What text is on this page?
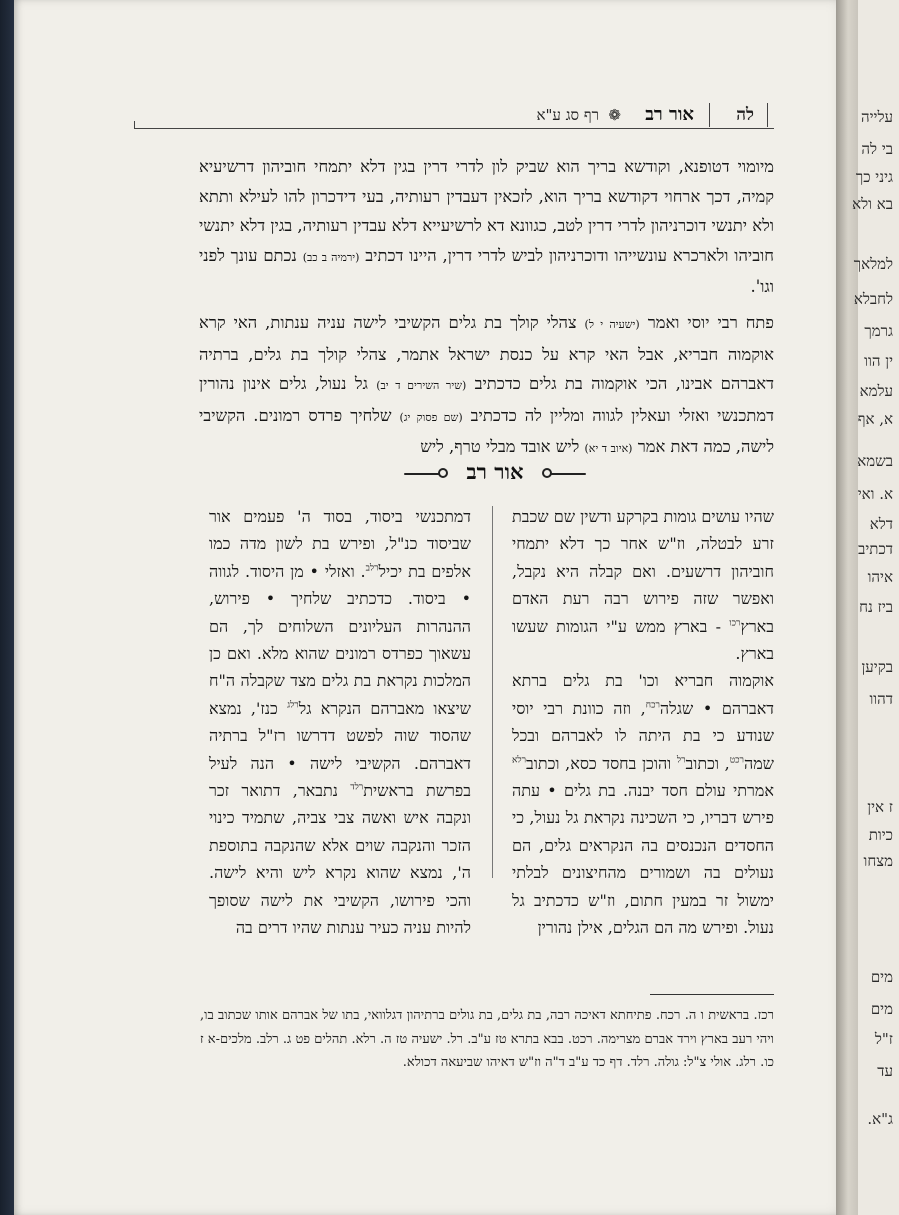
לה
אור רב
❁
רף סג ע"א

מיומוי דטופנא, וקודשא בריך הוא שביק לון לדרי דרין בגין דלא יתמחי חוביהון דרשיעיא קמיה, דכך ארחוי דקודשא בריך הוא, לזכאין דעבדין רעותיה, בעי דידכרון להו לעילא ותתא ולא יתנשי דוכרניהון לדרי דרין לטב, כגוונא דא לרשיעייא דלא עבדין רעותיה, בגין דלא יתנשי חוביהו ולארכרא עונשייהו ודוכרניהון לביש לדרי דרין, היינו דכתיב (ירמיה ב כב) נכתם עונך לפני וגו'.

פתח רבי יוסי ואמר (ישעיה י ל) צהלי קולך בת גלים הקשיבי לישה עניה ענתות, האי קרא אוקמוה חבריא, אבל האי קרא על כנסת ישראל אתמר, צהלי קולך בת גלים, ברתיה דאברהם אבינו, הכי אוקמוה בת גלים כדכתיב (שיר השירים ד יב) גל נעול, גלים אינון נהורין דמתכנשי ואזלי ועאלין לגווה ומליין לה כדכתיב (שם פסוק יג) שלחיך פרדס רמונים. הקשיבי לישה, כמה דאת אמר (איוב ד יא) ליש אובד מבלי טרף, ליש

אור רב

שהיו עושים גומות בקרקע ודשין שם שכבת זרע לבטלה, וז"ש אחר כך דלא יתמחי חוביהון דרשעים. ואם קבלה היא נקבל, ואפשר שזה פירוש רבה רעת האדם בארץ$^{רכו}$ - בארץ ממש ע"י הגומות שעשו בארץ.

אוקמוה חבריא וכו' בת גלים ברתא דאברהם • שגלה$^{רכח}$, וזה כוונת רבי יוסי שנודע כי בת היתה לו לאברהם ובכל שמה$^{רכט}$, וכתוב$^{רל}$ והוכן בחסד כסא, וכתוב$^{רלא}$ אמרתי עולם חסד יבנה. בת גלים • עתה פירש דבריו, כי השכינה נקראת גל נעול, כי החסדים הנכנסים בה הנקראים גלים, הם נעולים בה ושמורים מהחיצונים לבלתי ימשול זר במעין חתום, וז"ש כדכתיב גל נעול. ופירש מה הם הגלים, אילן נהורין

דמתכנשי ביסוד, בסוד ה' פעמים אור שביסוד כנ"ל, ופירש בת לשון מדה כמו אלפים בת יכיל$^{רלב}$. ואזלי • מן היסוד. לגווה • ביסוד. כדכתיב שלחיך • פירוש, ההנהרות העליונים השלוחים לך, הם עשאוך כפרדס רמונים שהוא מלא. ואם כן המלכות נקראת בת גלים מצד שקבלה ה"ח שיצאו מאברהם הנקרא גל$^{רלג}$ כנז', נמצא שהסוד שוה לפשט דדרשו רז"ל ברתיה דאברהם. הקשיבי לישה • הנה לעיל בפרשת בראשית$^{רלד}$ נתבאר, דתואר זכר ונקבה איש ואשה צבי צביה, שתמיד כינוי הזכר והנקבה שוים אלא שהנקבה בתוספת ה', נמצא שהוא נקרא ליש והיא לישה. והכי פירושו, הקשיבי את לישה שסופך להיות עניה כעיר ענתות שהיו דרים בה

רכז. בראשית ו ה. רכח. פתיחתא דאיכה רבה, בת גלים, בת גולים ברתיהון דגלוואי, בתו של אברהם אותו שכתוב בו, ויהי רעב בארץ וירד אברם מצרימה. רכט. בבא בתרא טז ע"ב. רל. ישעיה טז ה. רלא. תהלים פט ג. רלב. מלכים-א ז כו. רלג. אולי צ"ל: גולה. רלד. דף כד ע"ב ד"ה וז"ש דאיהו שביעאה דכולא.
עלייה
בי לה
גיני כך
בא ולא
למלאך
לחבלא
גרמך
ין הוו
עלמא
א, אף
בשמא
א. ואי
דלא
דכתיב
איהו
ביז נח
בקיען
דהוו
ז אין
כיות
מצחו
מים
מים
ז"ל
עד
ג"א.
